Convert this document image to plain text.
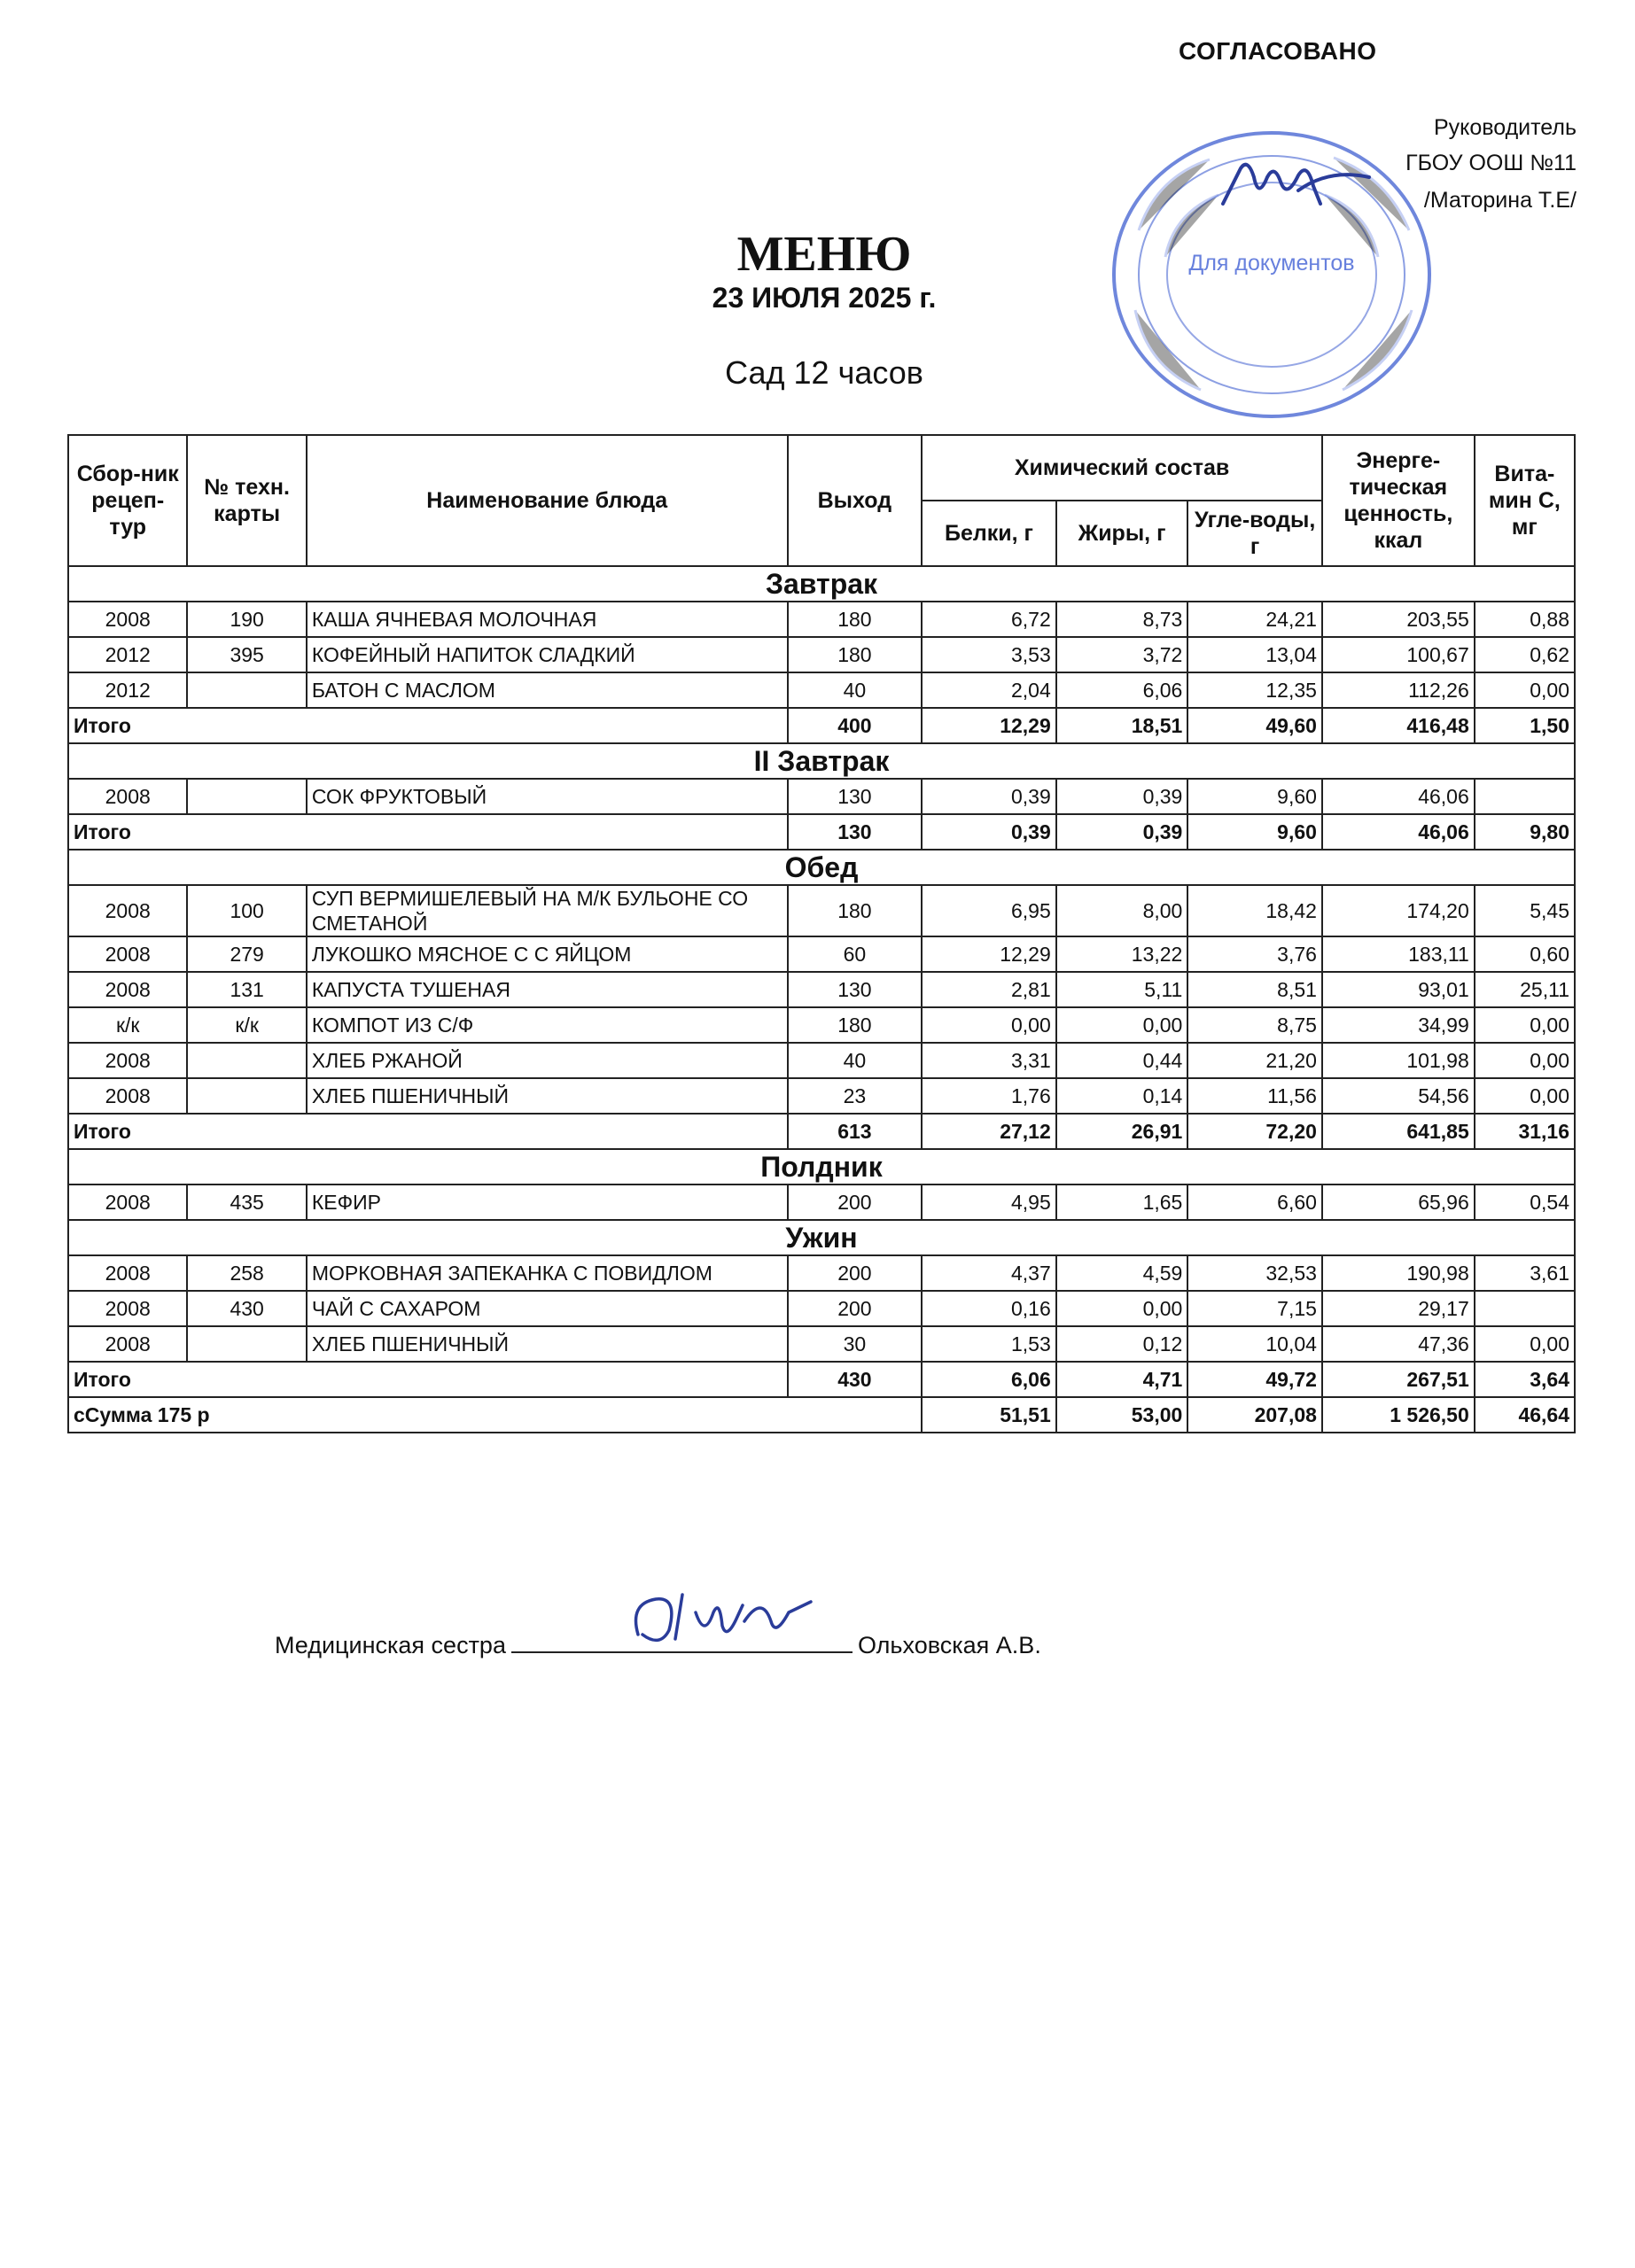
СОГЛАСОВАНО
Руководитель
ГБОУ ООШ №11
/Маторина Т.Е/
Для документов
МЕНЮ
23 ИЮЛЯ 2025 г.
Сад 12 часов
Сбор-ник рецеп-тур	№ техн. карты	Наименование блюда	Выход	Химический состав			Энерге-тическая ценность, ккал	Вита-мин С, мг
				Белки, г	Жиры, г	Угле-воды, г		
Завтрак								
2008	190	КАША ЯЧНЕВАЯ МОЛОЧНАЯ	180	6,72	8,73	24,21	203,55	0,88
2012	395	КОФЕЙНЫЙ НАПИТОК СЛАДКИЙ	180	3,53	3,72	13,04	100,67	0,62
2012		БАТОН С МАСЛОМ	40	2,04	6,06	12,35	112,26	0,00
Итого			400	12,29	18,51	49,60	416,48	1,50
II Завтрак								
2008		СОК ФРУКТОВЫЙ	130	0,39	0,39	9,60	46,06	
Итого			130	0,39	0,39	9,60	46,06	9,80
Обед								
2008	100	СУП ВЕРМИШЕЛЕВЫЙ НА М/К БУЛЬОНЕ СО СМЕТАНОЙ	180	6,95	8,00	18,42	174,20	5,45
2008	279	ЛУКОШКО МЯСНОЕ С С ЯЙЦОМ	60	12,29	13,22	3,76	183,11	0,60
2008	131	КАПУСТА ТУШЕНАЯ	130	2,81	5,11	8,51	93,01	25,11
к/к	к/к	КОМПОТ ИЗ С/Ф	180	0,00	0,00	8,75	34,99	0,00
2008		ХЛЕБ РЖАНОЙ	40	3,31	0,44	21,20	101,98	0,00
2008		ХЛЕБ ПШЕНИЧНЫЙ	23	1,76	0,14	11,56	54,56	0,00
Итого			613	27,12	26,91	72,20	641,85	31,16
Полдник								
2008	435	КЕФИР	200	4,95	1,65	6,60	65,96	0,54
Ужин								
2008	258	МОРКОВНАЯ ЗАПЕКАНКА С ПОВИДЛОМ	200	4,37	4,59	32,53	190,98	3,61
2008	430	ЧАЙ С САХАРОМ	200	0,16	0,00	7,15	29,17	
2008		ХЛЕБ ПШЕНИЧНЫЙ	30	1,53	0,12	10,04	47,36	0,00
Итого			430	6,06	4,71	49,72	267,51	3,64
сСумма 175 р				51,51	53,00	207,08	1 526,50	46,64
Медицинская сестра	Ольховская А.В.
